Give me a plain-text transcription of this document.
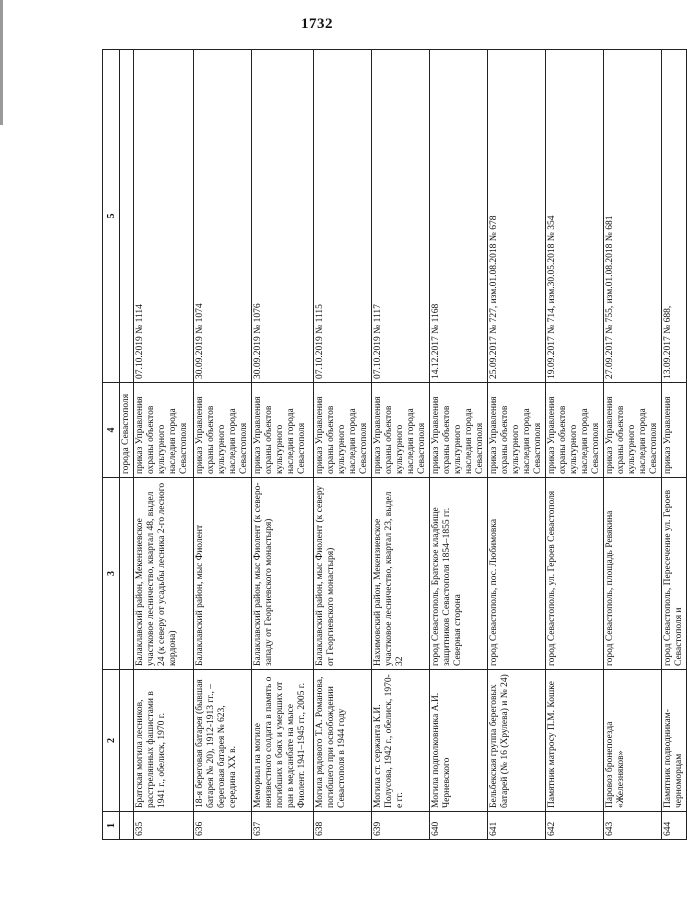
1732
1	2	3	4	5
			города Севастополя	
635	Братская могила лесников, расстрелянных фашистами в 1941 г., обелиск, 1970 г.	Балаклавский район, Мекензиевское участковое лесничество, квартал 48, выдел 24 (к северу от усадьбы лесника 2-го лесного кордона)	приказ Управления охраны объектов культурного наследия города Севастополя	07.10.2019 № 1114
636	18-я береговая батарея (бывшая батарея № 20), 1912-1913 гг., – береговая батарея № 623, середина XX в.	Балаклавский район, мыс Фиолент	приказ Управления охраны объектов культурного наследия города Севастополя	30.09.2019 № 1074
637	Мемориал на могиле неизвестного солдата в память о погибших в боях и умерших от ран в медсанбате на мысе Фиолент. 1941–1945 гг., 2005 г.	Балаклавский район, мыс Фиолент (к северо-западу от Георгиевского монастыря)	приказ Управления охраны объектов культурного наследия города Севастополя	30.09.2019 № 1076
638	Могила рядового Т.А. Романова, погибшего при освобождении Севастополя в 1944 году	Балаклавский район, мыс Фиолент (к северу от Георгиевского монастыря)	приказ Управления охраны объектов культурного наследия города Севастополя	07.10.2019 № 1115
639	Могила ст. сержанта К.И. Полусова, 1942 г., обелиск, 1970-е гг.	Нахимовский район, Мекензиевское участковое лесничество, квартал 23, выдел 32	приказ Управления охраны объектов культурного наследия города Севастополя	07.10.2019 № 1117
640	Могила подполковника А.И. Черневского	город Севастополь, Братское кладбище защитников Севастополя 1854–1855 гг. Северная сторона	приказ Управления охраны объектов культурного наследия города Севастополя	14.12.2017 № 1168
641	Бельбекская группа береговых батарей (№ 16 (Хрулева) и № 24)	город Севастополь, пос. Любимовка	приказ Управления охраны объектов культурного наследия города Севастополя	25.09.2017 № 727, изм.01.08.2018 № 678
642	Памятник матросу П.М. Кошке	город Севастополь, ул. Героев Севастополя	приказ Управления охраны объектов культурного наследия города Севастополя	19.09.2017 № 714, изм.30.05.2018 № 354
643	Паровоз бронепоезда «Железняков»	город Севастополь, площадь Ревякина	приказ Управления охраны объектов культурного наследия города Севастополя	27.09.2017 № 755, изм.01.08.2018 № 681
644	Памятник подводникам-черноморцам	город Севастополь, Пересечение ул. Героев Севастополя и	приказ Управления	13.09.2017 № 688,
